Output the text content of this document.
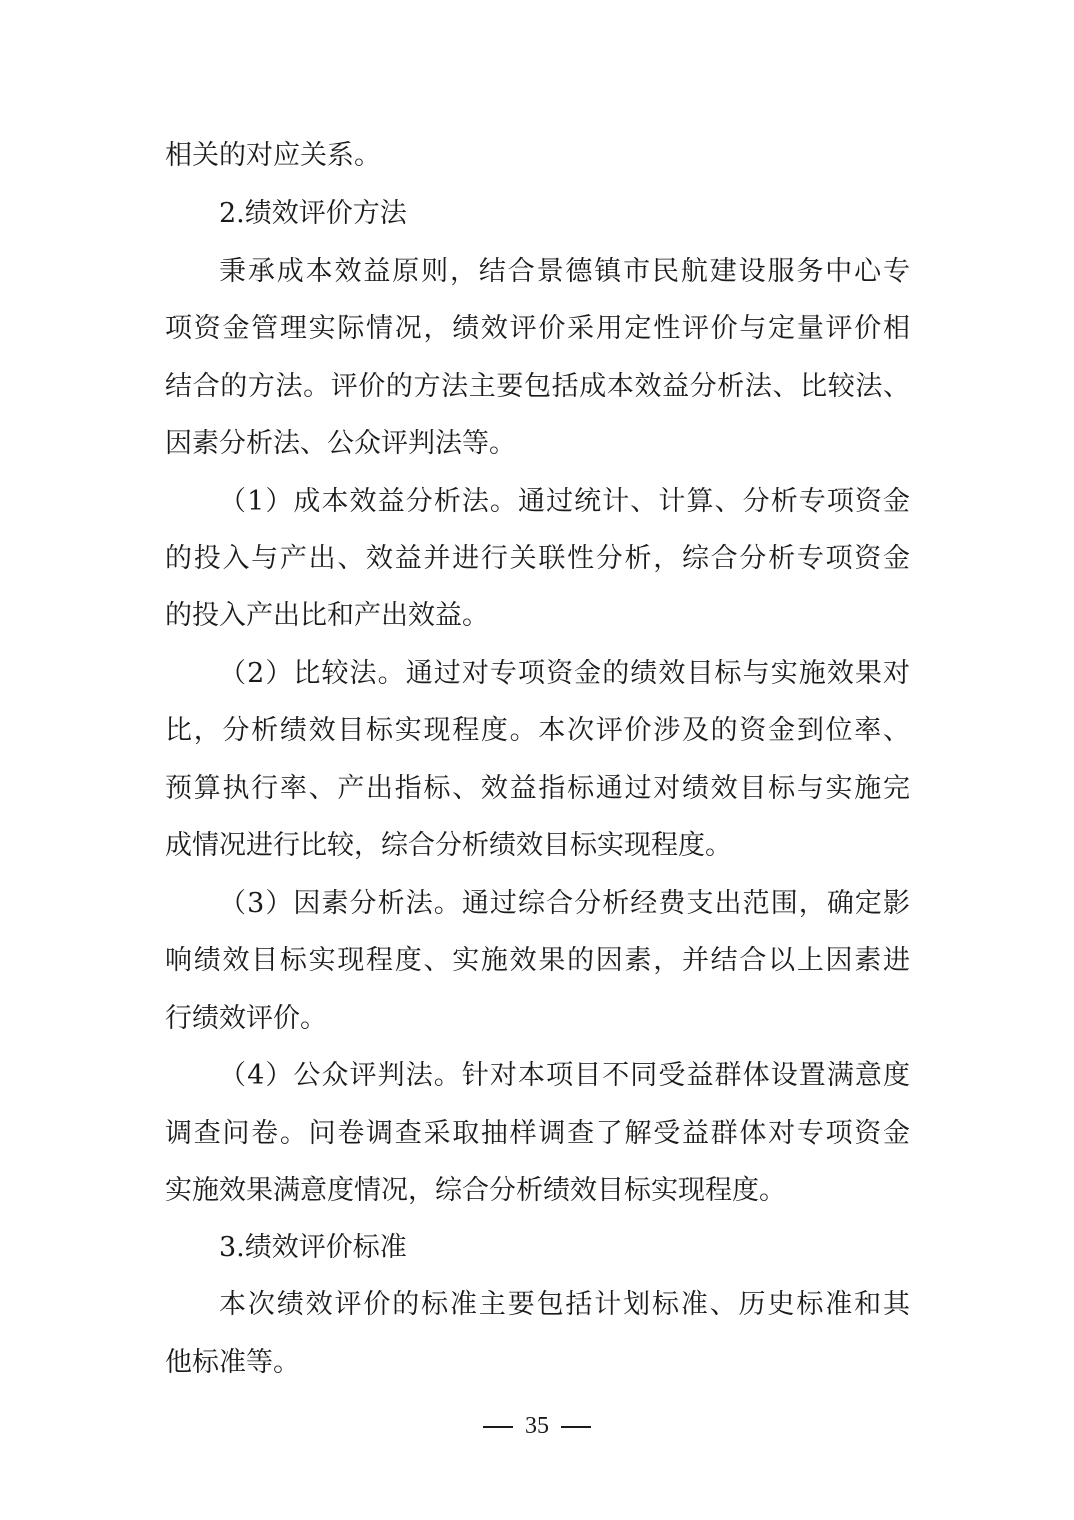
相关的对应关系。
2.绩效评价方法
秉承成本效益原则，结合景德镇市民航建设服务中心专
项资金管理实际情况，绩效评价采用定性评价与定量评价相
结合的方法。评价的方法主要包括成本效益分析法、比较法、
因素分析法、公众评判法等。
（1）成本效益分析法。通过统计、计算、分析专项资金
的投入与产出、效益并进行关联性分析，综合分析专项资金
的投入产出比和产出效益。
（2）比较法。通过对专项资金的绩效目标与实施效果对
比，分析绩效目标实现程度。本次评价涉及的资金到位率、
预算执行率、产出指标、效益指标通过对绩效目标与实施完
成情况进行比较，综合分析绩效目标实现程度。
（3）因素分析法。通过综合分析经费支出范围，确定影
响绩效目标实现程度、实施效果的因素，并结合以上因素进
行绩效评价。
（4）公众评判法。针对本项目不同受益群体设置满意度
调查问卷。问卷调查采取抽样调查了解受益群体对专项资金
实施效果满意度情况，综合分析绩效目标实现程度。
3.绩效评价标准
本次绩效评价的标准主要包括计划标准、历史标准和其
他标准等。
35
